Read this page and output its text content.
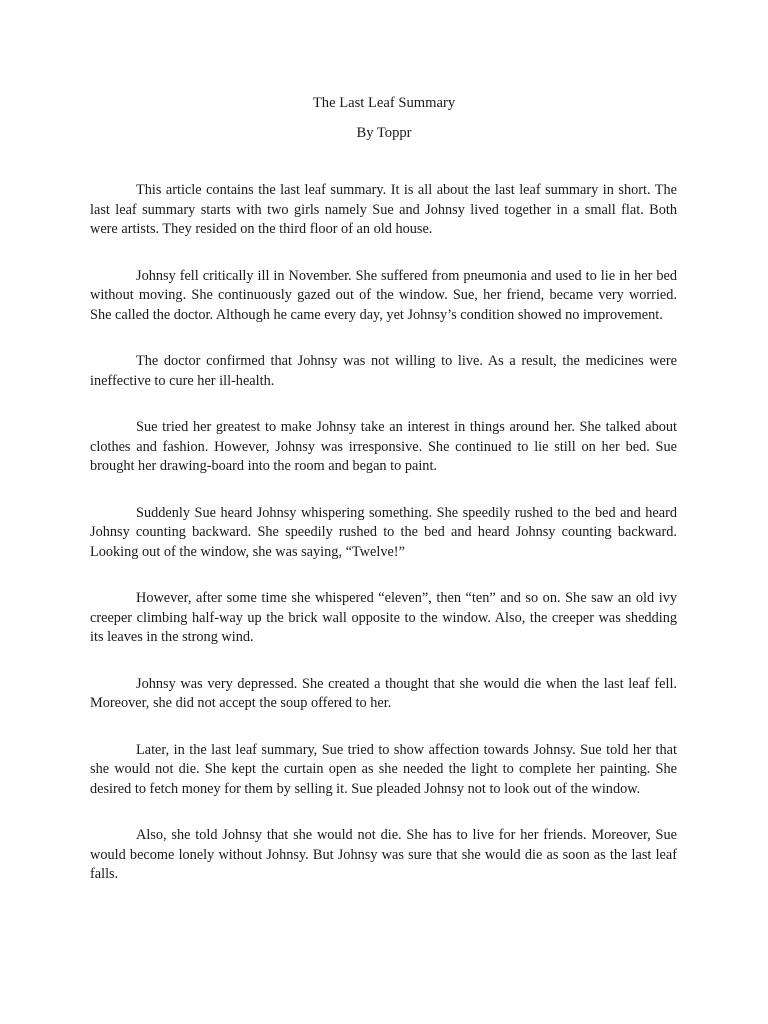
The Last Leaf Summary
By Toppr

This article contains the last leaf summary. It is all about the last leaf summary in short. The last leaf summary starts with two girls namely Sue and Johnsy lived together in a small flat. Both were artists. They resided on the third floor of an old house.

Johnsy fell critically ill in November. She suffered from pneumonia and used to lie in her bed without moving. She continuously gazed out of the window. Sue, her friend, became very worried. She called the doctor. Although he came every day, yet Johnsy’s condition showed no improvement.

The doctor confirmed that Johnsy was not willing to live. As a result, the medicines were ineffective to cure her ill-health.

Sue tried her greatest to make Johnsy take an interest in things around her. She talked about clothes and fashion. However, Johnsy was irresponsive. She continued to lie still on her bed. Sue brought her drawing-board into the room and began to paint.

Suddenly Sue heard Johnsy whispering something. She speedily rushed to the bed and heard Johnsy counting backward. She speedily rushed to the bed and heard Johnsy counting backward. Looking out of the window, she was saying, “Twelve!”

However, after some time she whispered “eleven”, then “ten” and so on. She saw an old ivy creeper climbing half-way up the brick wall opposite to the window. Also, the creeper was shedding its leaves in the strong wind.

Johnsy was very depressed. She created a thought that she would die when the last leaf fell. Moreover, she did not accept the soup offered to her.

Later, in the last leaf summary, Sue tried to show affection towards Johnsy. Sue told her that she would not die. She kept the curtain open as she needed the light to complete her painting. She desired to fetch money for them by selling it. Sue pleaded Johnsy not to look out of the window.

Also, she told Johnsy that she would not die. She has to live for her friends. Moreover, Sue would become lonely without Johnsy. But Johnsy was sure that she would die as soon as the last leaf falls.
